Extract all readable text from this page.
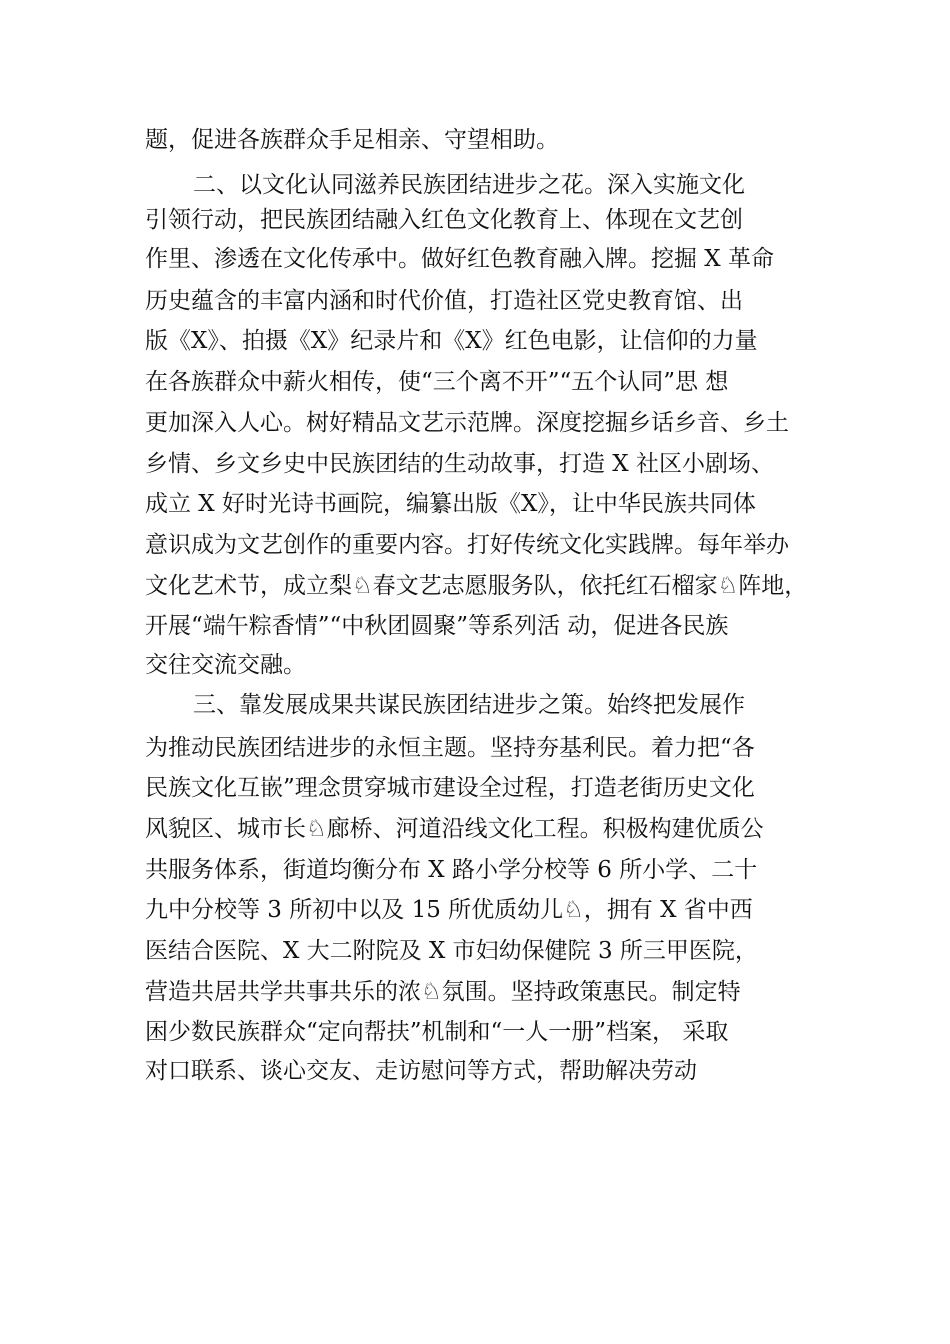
题，促进各族群众手足相亲、守望相助。
二、以文化认同滋养民族团结进步之花。深入实施文化
引领行动，把民族团结融入红色文化教育上、体现在文艺创
作里、渗透在文化传承中。做好红色教育融入牌。挖掘 X 革命
历史蕴含的丰富内涵和时代价值，打造社区党史教育馆、出
版《X》、拍摄《X》纪录片和《X》红色电影，让信仰的力量
在各族群众中薪火相传，使“三个离不开”“五个认同”思 想
更加深入人心。树好精品文艺示范牌。深度挖掘乡话乡音、乡土
乡情、乡文乡史中民族团结的生动故事，打造 X 社区小剧场、
成立 X 好时光诗书画院，编纂出版《X》，让中华民族共同体
意识成为文艺创作的重要内容。打好传统文化实践牌。每年举办
文化艺术节，成立梨♘春文艺志愿服务队，依托红石榴家♘阵地，
开展“端午粽香情”“中秋团圆聚”等系列活 动，促进各民族
交往交流交融。
三、靠发展成果共谋民族团结进步之策。始终把发展作
为推动民族团结进步的永恒主题。坚持夯基利民。着力把“各
民族文化互嵌”理念贯穿城市建设全过程，打造老街历史文化
风貌区、城市长♘廊桥、河道沿线文化工程。积极构建优质公
共服务体系，街道均衡分布 X 路小学分校等 6 所小学、二十
九中分校等 3 所初中以及 15 所优质幼儿♘，拥有 X 省中西
医结合医院、X 大二附院及 X 市妇幼保健院 3 所三甲医院，
营造共居共学共事共乐的浓♘氛围。坚持政策惠民。制定特
困少数民族群众“定向帮扶”机制和“一人一册”档案， 采取
对口联系、谈心交友、走访慰问等方式，帮助解决劳动
